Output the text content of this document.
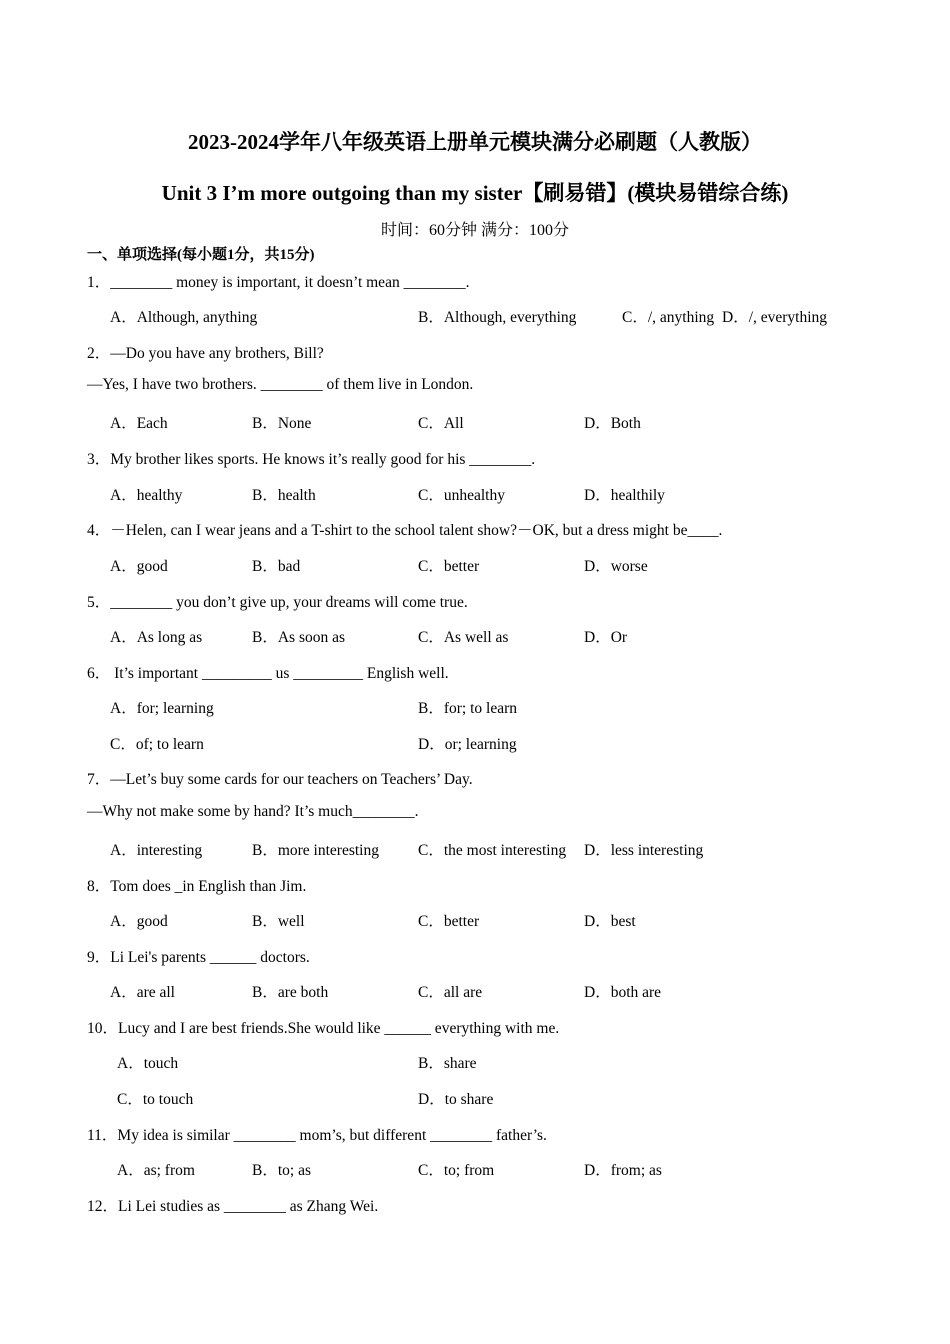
2023-2024学年八年级英语上册单元模块满分必刷题（人教版）
Unit 3 I’m more outgoing than my sister【刷易错】(模块易错综合练)
时间：60分钟 满分：100分
一、单项选择(每小题1分，共15分)
1．________ money is important, it doesn’t mean ________.
A．Although, anything	B．Although, everything	C．/, anything D．/, everything
2．—Do you have any brothers, Bill?
—Yes, I have two brothers. ________ of them live in London.
A．Each	B．None	C．All	D．Both
3．My brother likes sports. He knows it’s really good for his ________.
A．healthy	B．health	C．unhealthy	D．healthily
4．－Helen, can I wear jeans and a T-shirt to the school talent show?－OK, but a dress might be____.
A．good	B．bad	C．better	D．worse
5．________ you don’t give up, your dreams will come true.
A．As long as	B．As soon as	C．As well as	D．Or
6． It’s important _________ us _________ English well.
A．for; learning	B．for; to learn
C．of; to learn	D．or; learning
7．—Let’s buy some cards for our teachers on Teachers’ Day.
—Why not make some by hand? It’s much________.
A．interesting	B．more interesting	C．the most interesting D．less interesting
8．Tom does _in English than Jim.
A．good	B．well	C．better	D．best
9．Li Lei's parents ______ doctors.
A．are all	B．are both	C．all are	D．both are
10．Lucy and I are best friends.She would like ______ everything with me.
A．touch	B．share
C．to touch	D．to share
11．My idea is similar ________ mom’s, but different ________ father’s.
A．as; from	B．to; as	C．to; from	D．from; as
12．Li Lei studies as ________ as Zhang Wei.
